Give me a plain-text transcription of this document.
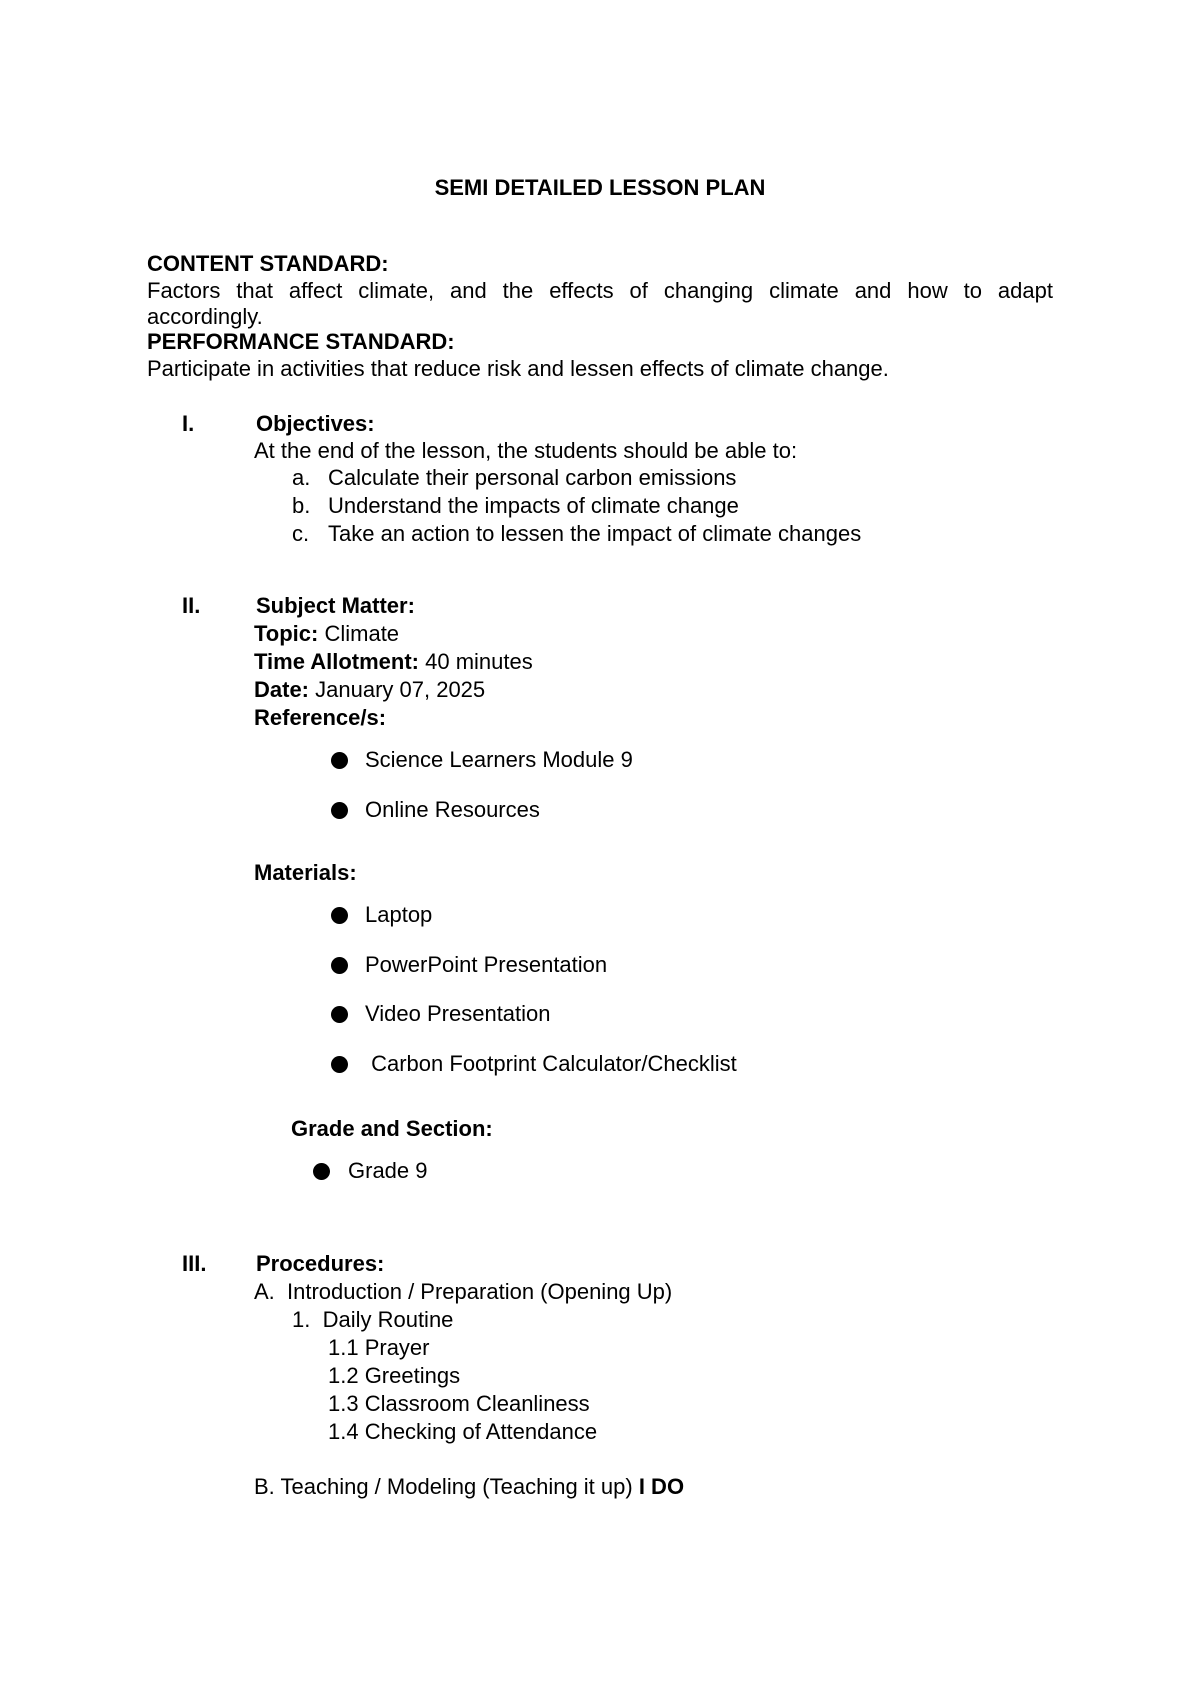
SEMI DETAILED LESSON PLAN
CONTENT STANDARD:
Factors that affect climate, and the effects of changing climate and how to adapt
accordingly.
PERFORMANCE STANDARD:
Participate in activities that reduce risk and lessen effects of climate change.
I.	Objectives:
At the end of the lesson, the students should be able to:
a. Calculate their personal carbon emissions
b. Understand the impacts of climate change
c. Take an action to lessen the impact of climate changes
II.	Subject Matter:
Topic: Climate
Time Allotment: 40 minutes
Date: January 07, 2025
Reference/s:
Science Learners Module 9
Online Resources
Materials:
Laptop
PowerPoint Presentation
Video Presentation
Carbon Footprint Calculator/Checklist
Grade and Section:
Grade 9
III. Procedures:
A.  Introduction / Preparation (Opening Up)
1.  Daily Routine
1.1 Prayer
1.2 Greetings
1.3 Classroom Cleanliness
1.4 Checking of Attendance
B. Teaching / Modeling (Teaching it up) I DO
